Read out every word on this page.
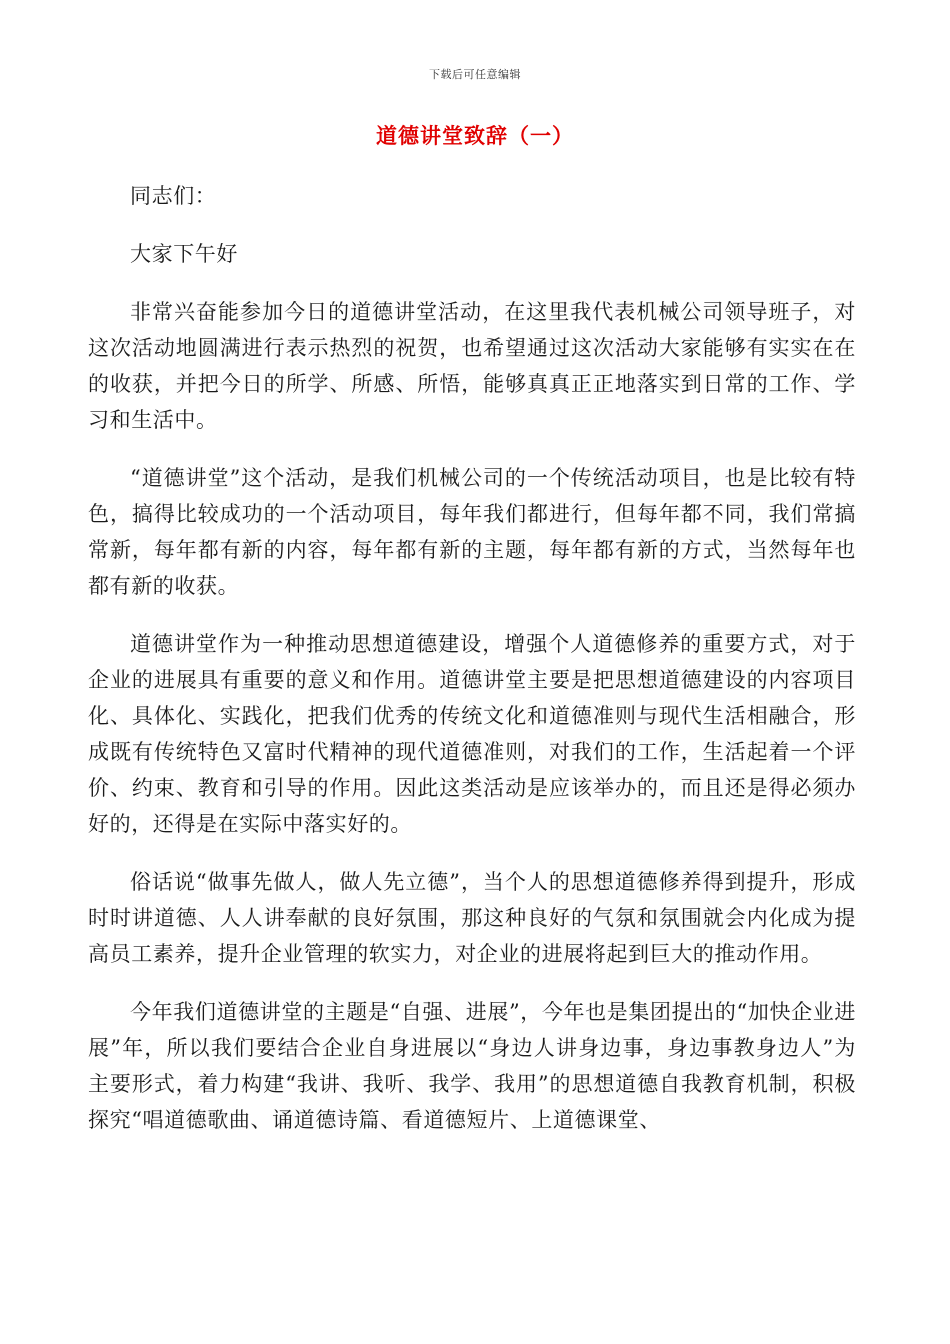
下载后可任意编辑
道德讲堂致辞（一）

同志们：

大家下午好

非常兴奋能参加今日的道德讲堂活动，在这里我代表机械公司领导班子，对这次活动地圆满进行表示热烈的祝贺，也希望通过这次活动大家能够有实实在在的收获，并把今日的所学、所感、所悟，能够真真正正地落实到日常的工作、学习和生活中。

“道德讲堂”这个活动，是我们机械公司的一个传统活动项目，也是比较有特色，搞得比较成功的一个活动项目，每年我们都进行，但每年都不同，我们常搞常新，每年都有新的内容，每年都有新的主题，每年都有新的方式，当然每年也都有新的收获。

道德讲堂作为一种推动思想道德建设，增强个人道德修养的重要方式，对于企业的进展具有重要的意义和作用。道德讲堂主要是把思想道德建设的内容项目化、具体化、实践化，把我们优秀的传统文化和道德准则与现代生活相融合，形成既有传统特色又富时代精神的现代道德准则，对我们的工作，生活起着一个评价、约束、教育和引导的作用。因此这类活动是应该举办的，而且还是得必须办好的，还得是在实际中落实好的。

俗话说“做事先做人，做人先立德”，当个人的思想道德修养得到提升，形成时时讲道德、人人讲奉献的良好氛围，那这种良好的气氛和氛围就会内化成为提高员工素养，提升企业管理的软实力，对企业的进展将起到巨大的推动作用。

今年我们道德讲堂的主题是“自强、进展”，今年也是集团提出的“加快企业进展”年，所以我们要结合企业自身进展以“身边人讲身边事，身边事教身边人”为主要形式，着力构建“我讲、我听、我学、我用”的思想道德自我教育机制，积极探究“唱道德歌曲、诵道德诗篇、看道德短片、上道德课堂、
